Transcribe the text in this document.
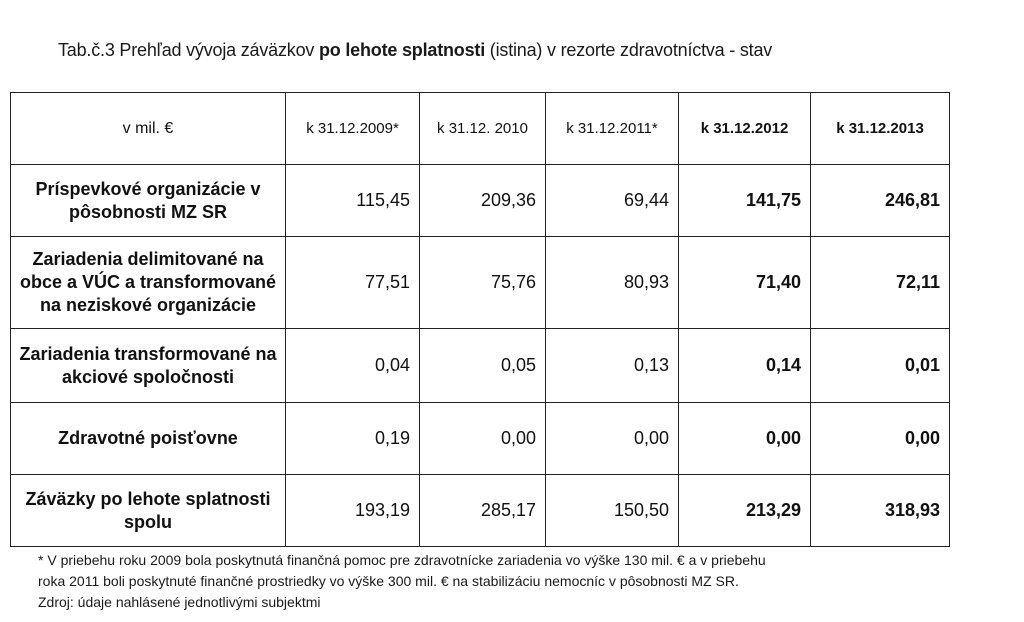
Tab.č.3 Prehľad vývoja záväzkov po lehote splatnosti (istina) v rezorte zdravotníctva - stav
v mil. €	k 31.12.2009*	k 31.12. 2010	k 31.12.2011*	k 31.12.2012	k 31.12.2013
Príspevkové organizácie v pôsobnosti MZ SR	115,45	209,36	69,44	141,75	246,81
Zariadenia delimitované na obce a VÚC a transformované na neziskové organizácie	77,51	75,76	80,93	71,40	72,11
Zariadenia transformované na akciové spoločnosti	0,04	0,05	0,13	0,14	0,01
Zdravotné poisťovne	0,19	0,00	0,00	0,00	0,00
Záväzky po lehote splatnosti spolu	193,19	285,17	150,50	213,29	318,93
* V priebehu roku 2009 bola poskytnutá finančná pomoc pre zdravotnícke zariadenia vo výške 130 mil. € a v priebehu
roka 2011 boli poskytnuté finančné prostriedky vo výške 300 mil. € na stabilizáciu nemocníc v pôsobnosti MZ SR.
Zdroj: údaje nahlásené jednotlivými subjektmi
